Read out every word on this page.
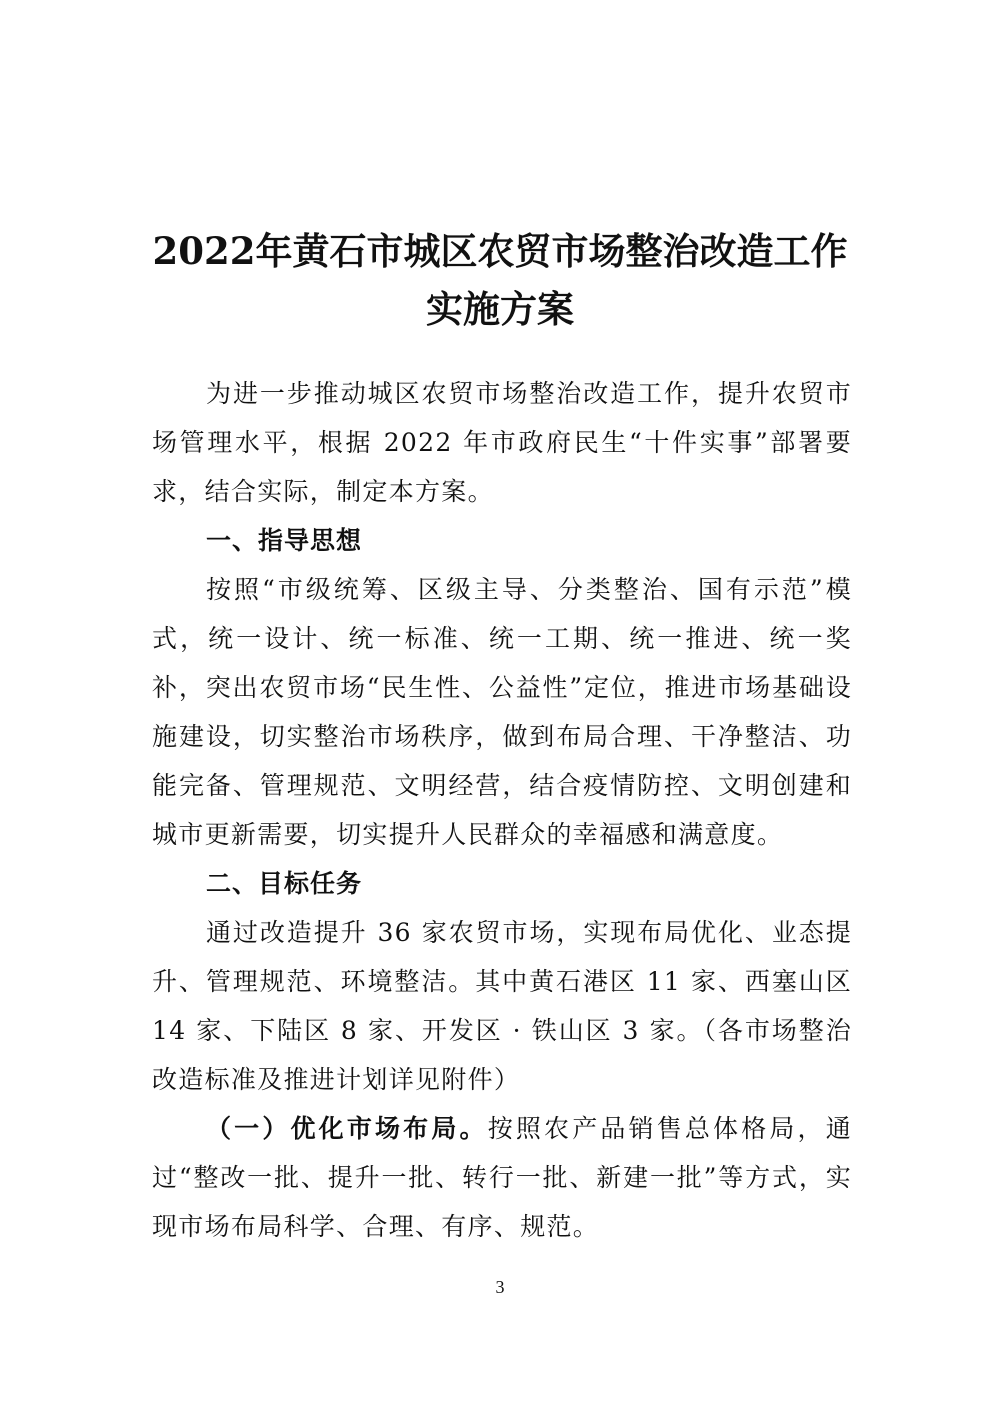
2022年黄石市城区农贸市场整治改造工作
实施方案

为进一步推动城区农贸市场整治改造工作，提升农贸市场管理水平，根据 2022 年市政府民生“十件实事”部署要求，结合实际，制定本方案。

一、指导思想

按照“市级统筹、区级主导、分类整治、国有示范”模式，统一设计、统一标准、统一工期、统一推进、统一奖补，突出农贸市场“民生性、公益性”定位，推进市场基础设施建设，切实整治市场秩序，做到布局合理、干净整洁、功能完备、管理规范、文明经营，结合疫情防控、文明创建和城市更新需要，切实提升人民群众的幸福感和满意度。

二、目标任务

通过改造提升 36 家农贸市场，实现布局优化、业态提升、管理规范、环境整洁。其中黄石港区 11 家、西塞山区 14 家、下陆区 8 家、开发区 · 铁山区 3 家。（各市场整治改造标准及推进计划详见附件）

（一）优化市场布局。按照农产品销售总体格局，通过“整改一批、提升一批、转行一批、新建一批”等方式，实现市场布局科学、合理、有序、规范。

3
